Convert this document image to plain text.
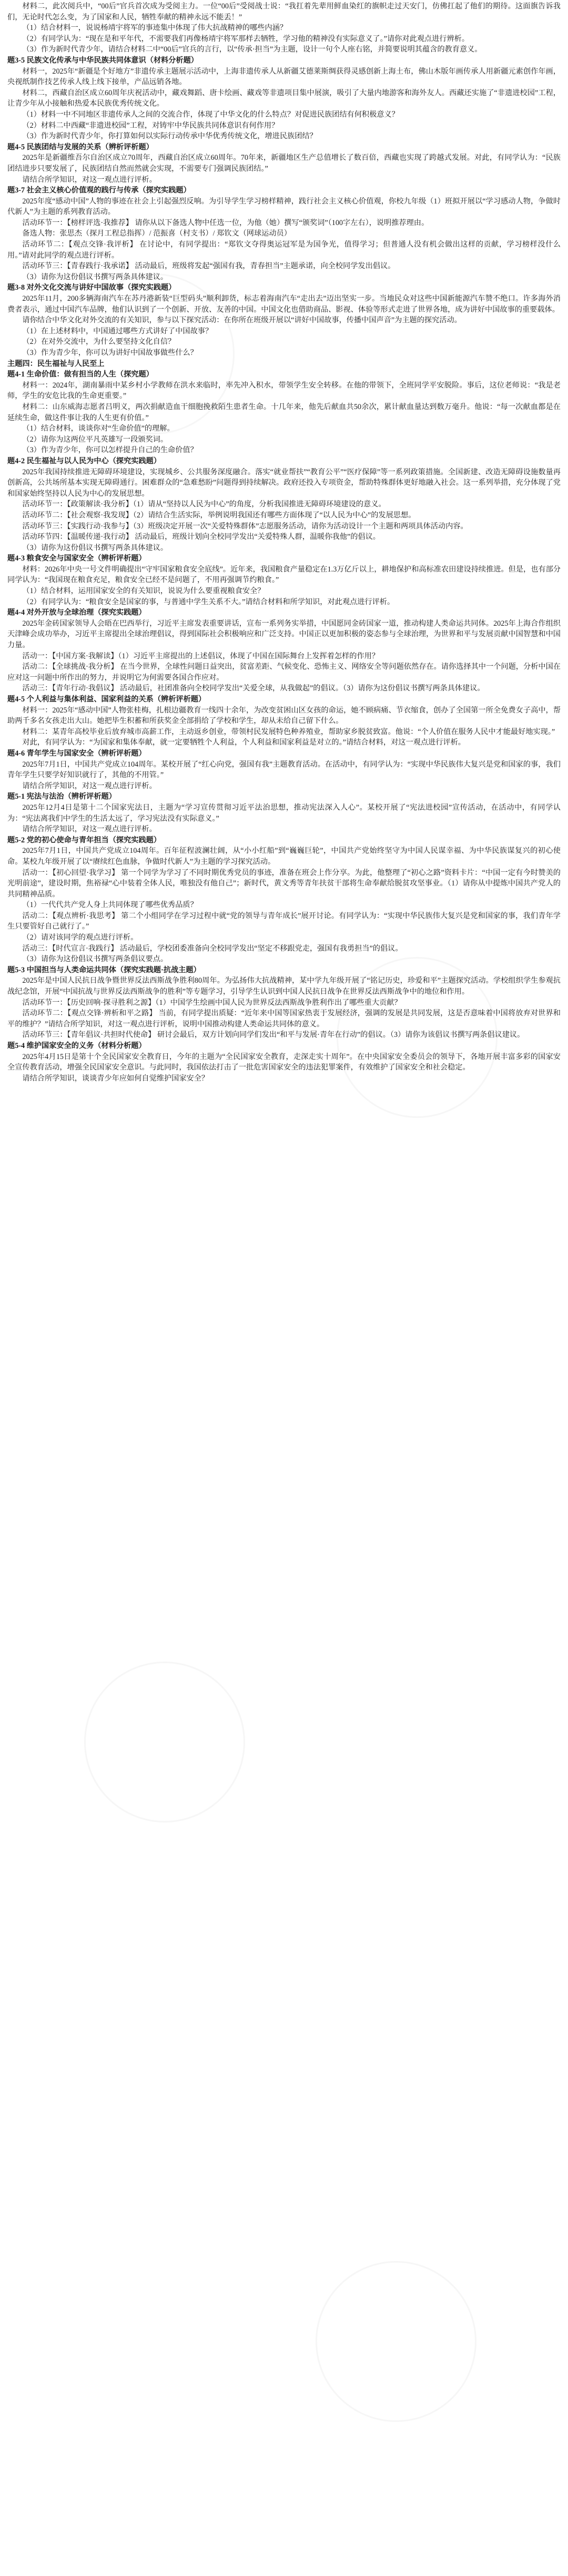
材料二，此次阅兵中，“00后”官兵首次成为受阅主力。一位“00后”受阅战士说：“我扛着先辈用鲜血染红的旗帜走过天安门，仿佛扛起了他们的期待。这面旗告诉我们，无论时代怎么变，为了国家和人民，牺牲奉献的精神永远不能丢！”

（1）结合材料一，说说杨靖宇将军的事迹集中体现了伟大抗战精神的哪些内涵？

（2）有同学认为：“现在是和平年代，不需要我们再像杨靖宇将军那样去牺牲，学习他的精神没有实际意义了。”请你对此观点进行辨析。

（3）作为新时代青少年，请结合材料二中“00后”官兵的言行，以“传承·担当”为主题，设计一句个人座右铭，并简要说明其蕴含的教育意义。

题3-5 民族文化传承与中华民族共同体意识（材料分析题）

材料一，2025年“新疆是个好地方”非遗传承主题展示活动中，上海非遗传承人从新疆艾德莱斯绸获得灵感创新上海土布，佛山木版年画传承人用新疆元素创作年画，央视纸制作技艺传承人线上线下接单，产品远销各地。

材料二，西藏自治区成立60周年庆祝活动中，藏戏舞蹈、唐卡绘画、藏戏等非遗项目集中展演，吸引了大量内地游客和海外友人。西藏还实施了“非遗进校园”工程，让青少年从小接触和热爱本民族优秀传统文化。

（1）材料一中不同地区非遗传承人之间的交流合作，体现了中华文化的什么特点？对促进民族团结有何积极意义？

（2）材料二中西藏“非遗进校园”工程，对铸牢中华民族共同体意识有何作用？

（3）作为新时代青少年，你打算如何以实际行动传承中华优秀传统文化，增进民族团结？

题4-5 民族团结与发展的关系（辨析评析题）

2025年是新疆维吾尔自治区成立70周年，西藏自治区成立60周年。70年来，新疆地区生产总值增长了数百倍，西藏也实现了跨越式发展。对此，有同学认为：“民族团结进步只要发展了，民族团结自然而然就会实现，不需要专门强调民族团结。”

请结合所学知识，对这一观点进行评析。

题3-7 社会主义核心价值观的践行与传承（探究实践题）

2025年度“感动中国”人物的事迹在社会上引起强烈反响。为引导学生学习榜样精神，践行社会主义核心价值观，你校九年级（1）班拟开展以“学习感动人物，争做时代新人”为主题的系列教育活动。

活动环节一：【榜样评选·我推荐】 请你从以下备选人物中任选一位，为他（她）撰写“颁奖词”（100字左右），说明推荐理由。

备选人物：张思杰（探月工程总指挥）/ 范振喜（村支书）/ 郑钦文（网球运动员）

活动环节二：【观点交锋·我评析】 在讨论中，有同学提出：“郑钦文夺得奥运冠军是为国争光，值得学习；但普通人没有机会做出这样的贡献，学习榜样没什么用。”请对此同学的观点进行评析。

活动环节三：【青春践行·我承诺】 活动最后，班级将发起“强国有我，青春担当”主题承诺，向全校同学发出倡议。

（3）请你为这份倡议书撰写两条具体建议。

题3-8 对外文化交流与讲好中国故事（探究实践题）

2025年11月，200多辆海南汽车在苏丹港新装“巨型码头”顺利卸货，标志着海南汽车“走出去”迈出坚实一步。当地民众对这些中国新能源汽车赞不绝口。许多海外消费者表示，通过中国汽车品牌，他们认识到了一个创新、开放、友善的中国。中国文化也借助商品、影视、体验等形式走进了世界各地，成为讲好中国故事的重要载体。

请你结合中华文化对外交流的有关知识，参与以下探究活动：在你所在班级开展以“讲好中国故事，传播中国声音”为主题的探究活动。

（1）在上述材料中，中国通过哪些方式讲好了中国故事？

（2）在对外交流中，为什么要坚持文化自信？

（3）作为青少年，你可以为讲好中国故事做些什么？

主题四：民生福祉与人民至上

题4-1 生命价值：做有担当的人生（探究题）

材料一：2024年，湖南暴雨中某乡村小学教师在洪水来临时，率先冲入积水，带领学生安全转移。在他的带领下，全班同学平安脱险。事后，这位老师说：“我是老师，学生的安危比我的生命更重要。”

材料二：山东威海志愿者吕明义，两次捐献造血干细胞挽救陌生患者生命。十几年来，他先后献血共50余次，累计献血量达到数万毫升。他说：“每一次献血都是在延续生命，做这件事让我的人生更有价值。”

（1）结合材料，谈谈你对“生命价值”的理解。

（2）请你为这两位平凡英雄写一段颁奖词。

（3）作为青少年，你可以怎样提升自己的生命价值？

题4-2 民生福祉与以人民为中心（探究实践题）

2025年我国持续推进无障碍环境建设，实现城乡、公共服务深度融合。落实“就业帮扶”“教育公平”“医疗保障”等一系列政策措施。全国新建、改造无障碍设施数量再创新高，公共场所基本实现无障碍通行。困难群众的“急难愁盼”问题得到持续解决。政府还投入专项资金，帮助特殊群体更好地融入社会。这一系列举措，充分体现了党和国家始终坚持以人民为中心的发展思想。

活动环节一：【政策解读·我分析】（1）请从“坚持以人民为中心”的角度，分析我国推进无障碍环境建设的意义。

活动环节二：【社会观察·我发现】（2）请结合生活实际，举例说明我国还有哪些方面体现了“以人民为中心”的发展思想。

活动环节三：【实践行动·我参与】（3）班级决定开展一次“关爱特殊群体”志愿服务活动，请你为活动设计一个主题和两项具体活动内容。

活动环节四：【温暖传递·我行动】 活动最后，班级计划向全校同学发出“关爱特殊人群，温暖你我他”的倡议。

（3）请你为这份倡议书撰写两条具体建议。

题4-3 粮食安全与国家安全（辨析评析题）

材料：2026年中央一号文件明确提出“守牢国家粮食安全底线”。近年来，我国粮食产量稳定在1.3万亿斤以上，耕地保护和高标准农田建设持续推进。但是，也有部分同学认为：“我国现在粮食充足，粮食安全已经不是问题了，不用再强调节约粮食。”

（1）结合材料，运用国家安全的有关知识，说说为什么要重视粮食安全？

（2）有同学认为：“粮食安全是国家的事，与普通中学生关系不大。”请结合材料和所学知识，对此观点进行评析。

题4-4 对外开放与全球治理（探究实践题）

2025年金砖国家领导人会晤在巴西举行，习近平主席发表重要讲话，宣布一系列务实举措，中国愿同金砖国家一道，推动构建人类命运共同体。2025年上海合作组织天津峰会成功举办，习近平主席提出全球治理倡议，得到国际社会积极响应和广泛支持。中国正以更加积极的姿态参与全球治理，为世界和平与发展贡献中国智慧和中国力量。

活动一：【中国方案·我解读】（1）习近平主席提出的上述倡议，体现了中国在国际舞台上发挥着怎样的作用？

活动二：【全球挑战·我分析】 在当今世界，全球性问题日益突出，贫富差距、气候变化、恐怖主义、网络安全等问题依然存在。请你选择其中一个问题，分析中国在应对这一问题中所作出的努力，并说明它为何需要各国合作应对。

活动三：【青年行动·我倡议】 活动最后，社团准备向全校同学发出“关爱全球，从我做起”的倡议。（3）请你为这份倡议书撰写两条具体建议。

题4-5 个人利益与集体利益、国家利益的关系（辨析评析题）

材料一：2025年“感动中国”人物张桂梅，扎根边疆教育一线四十余年，为改变贫困山区女孩的命运，她不顾病痛、节衣缩食，创办了全国第一所全免费女子高中，帮助两千多名女孩走出大山。她把毕生积蓄和所获奖金全部捐给了学校和学生，却从未给自己留下什么。

材料二：某青年高校毕业后放弃城市高薪工作，主动返乡创业，带领村民发展特色种养殖业，帮助家乡脱贫致富。他说：“个人价值在服务人民中才能最好地实现。”

对此，有同学认为：“为国家和集体奉献，就一定要牺牲个人利益，个人利益和国家利益是对立的。”请结合材料，对这一观点进行评析。

题4-6 青年学生与国家安全（辨析评析题）

2025年7月1日，中国共产党成立104周年。某校开展了“红心向党，强国有我”主题教育活动。在活动中，有同学认为：“实现中华民族伟大复兴是党和国家的事，我们青年学生只要学好知识就行了，其他的不用管。”

请结合所学知识，对这一观点进行评析。

题5-1 宪法与法治（辨析评析题）

2025年12月4日是第十二个国家宪法日，主题为“学习宣传贯彻习近平法治思想，推动宪法深入人心”。某校开展了“宪法进校园”宣传活动，在活动中，有同学认为：“宪法离我们中学生的生活太远了，学习宪法没有实际意义。”

请结合所学知识，对这一观点进行评析。

题5-2 党的初心使命与青年担当（探究实践题）

2025年7月1日，中国共产党成立104周年。百年征程波澜壮阔，从“小小红船”到“巍巍巨轮”，中国共产党始终坚守为中国人民谋幸福、为中华民族谋复兴的初心使命。某校九年级开展了以“赓续红色血脉，争做时代新人”为主题的学习探究活动。

活动一：【初心回望·我学习】 第一个同学为学习了不同时期优秀党员的事迹，准备在班会上作分享。为此，他整理了“初心之路”资料卡片：“中国一定有今时赞美的光明前途”，建设时期，焦裕禄“心中装着全体人民，唯独没有他自己”；新时代，黄文秀等青年扶贫干部将生命奉献给脱贫攻坚事业。（1）请你从中提炼中国共产党人的共同精神品质。

（1）一代代共产党人身上共同体现了哪些优秀品质？

活动二：【观点辨析·我思考】 第二个小组同学在学习过程中就“党的领导与青年成长”展开讨论。有同学认为：“实现中华民族伟大复兴是党和国家的事，我们青年学生只要管好自己就行了。”

（2）请对该同学的观点进行评析。

活动三：【时代宣言·我践行】 活动最后，学校团委准备向全校同学发出“坚定不移跟党走，强国有我勇担当”的倡议。

（3）请你为这份倡议书撰写两条倡议要点。

题5-3 中国担当与人类命运共同体（探究实践题·抗战主题）

2025年是中国人民抗日战争暨世界反法西斯战争胜利80周年。为弘扬伟大抗战精神，某中学九年级开展了“铭记历史，珍爱和平”主题探究活动。学校组织学生参观抗战纪念馆，开展“中国抗战与世界反法西斯战争的胜利”等专题学习，引导学生认识到中国人民抗日战争在世界反法西斯战争中的地位和作用。

活动环节一：【历史回响·探寻胜利之源】（1）中国学生绘画中国人民为世界反法西斯战争胜利作出了哪些重大贡献？

活动环节二：【观点交锋·辨析和平之路】 当前，有同学提出质疑：“近年来中国等国家热衷于发展经济，强调的发展是共同发展，这是否意味着中国将放弃对世界和平的维护？”请结合所学知识，对这一观点进行评析，说明中国推动构建人类命运共同体的意义。

活动环节三：【青年倡议·共担时代使命】 研讨会最后，双方计划向同学们发出“和平与发展·青年在行动”的倡议。（3）请你为该倡议书撰写两条倡议建议。

题5-4 维护国家安全的义务（材料分析题）

2025年4月15日是第十个全民国家安全教育日，今年的主题为“全民国家安全教育，走深走实十周年”。在中央国家安全委员会的领导下，各地开展丰富多彩的国家安全宣传教育活动，增强全民国家安全意识。与此同时，我国依法打击了一批危害国家安全的违法犯罪案件，有效维护了国家安全和社会稳定。

请结合所学知识，谈谈青少年应如何自觉维护国家安全？
